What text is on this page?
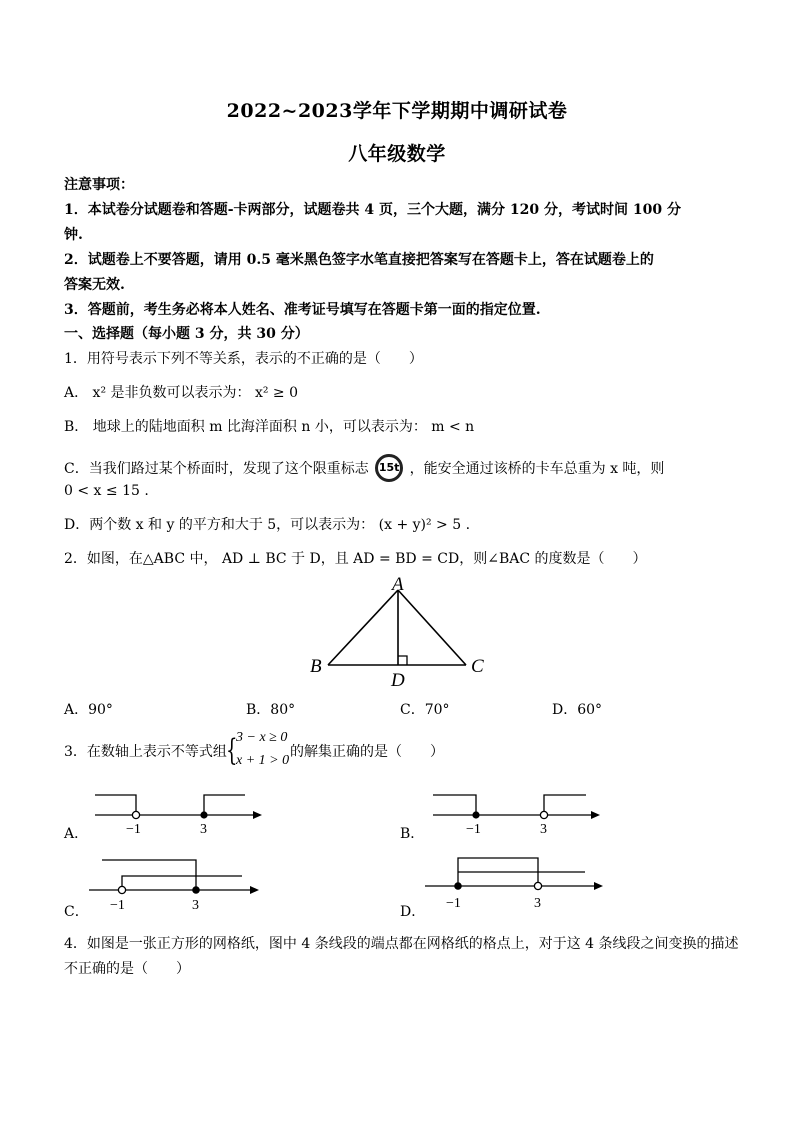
2022~2023学年下学期期中调研试卷
八年级数学
注意事项：
1．本试卷分试题卷和答题-卡两部分，试题卷共 4 页，三个大题，满分 120 分，考试时间 100 分
钟.
2．试题卷上不要答题，请用 0.5 毫米黑色签字水笔直接把答案写在答题卡上，答在试题卷上的
答案无效.
3．答题前，考生务必将本人姓名、准考证号填写在答题卡第一面的指定位置.
一、选择题（每小题 3 分，共 30 分）
1．用符号表示下列不等关系，表示的不正确的是（　　）
A． x² 是非负数可以表示为： x² ≥ 0
B． 地球上的陆地面积 m 比海洋面积 n 小，可以表示为： m < n
C．当我们路过某个桥面时，发现了这个限重标志 15t ，能安全通过该桥的卡车总重为 x 吨，则
0 < x ≤ 15 .
D．两个数 x 和 y 的平方和大于 5，可以表示为： (x + y)² > 5 .
2．如图，在△ABC 中， AD ⊥ BC 于 D，且 AD = BD = CD，则∠BAC 的度数是（　　）
A
B	C
D
A．90°	B．80°	C．70°	D．60°
3．在数轴上表示不等式组 {
3 − x ≥ 0
x + 1 > 0
的解集正确的是（　　）
A．	−1	3	B．	−1	3
C． −1	3	D．
−1	3
4．如图是一张正方形的网格纸，图中 4 条线段的端点都在网格纸的格点上，对于这 4 条线段之间变换的描述
不正确的是（　　）
